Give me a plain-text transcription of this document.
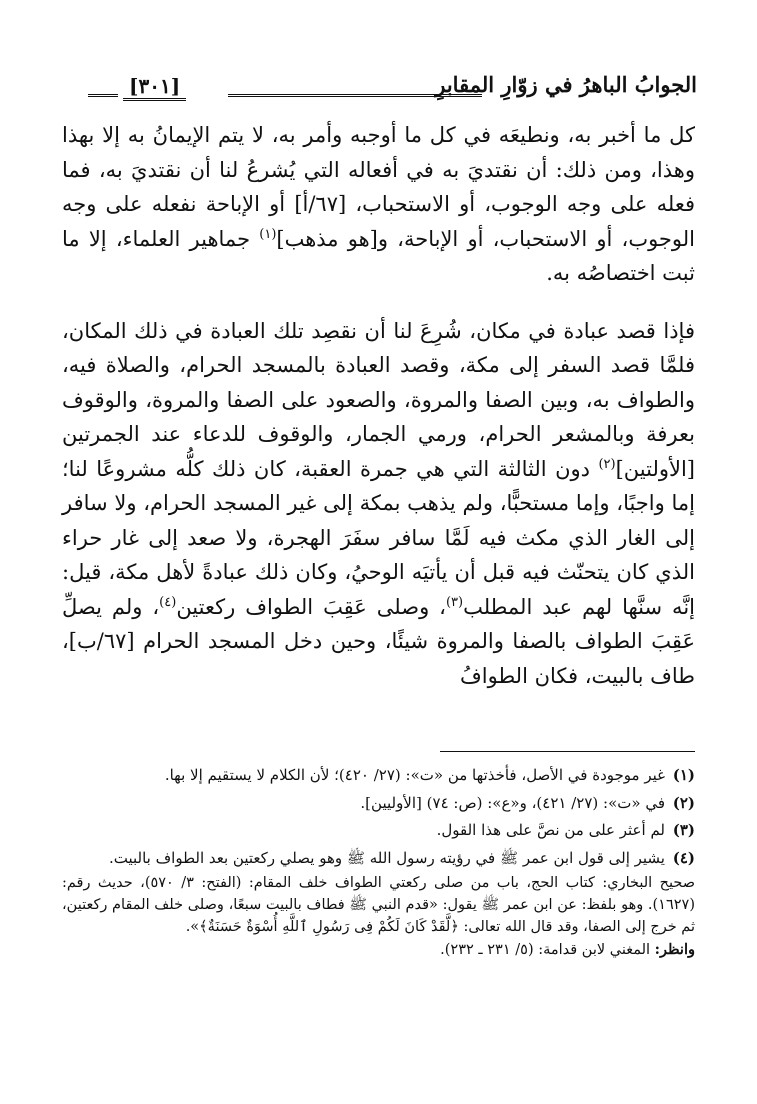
الجوابُ الباهرُ في زوّارِ المقابرِ
[٣٠١]

كل ما أخبر به، ونطيعَه في كل ما أوجبه وأمر به، لا يتم الإيمانُ به إلا بهذا وهذا، ومن ذلك: أن نقتديَ به في أفعاله التي يُشرعُ لنا أن نقتديَ به، فما فعله على وجه الوجوب، أو الاستحباب، [٦٧/أ] أو الإباحة نفعله على وجه الوجوب، أو الاستحباب، أو الإباحة، و[هو مذهب]$^{(١)}$ جماهير العلماء، إلا ما ثبت اختصاصُه به.

فإذا قصد عبادة في مكان، شُرِعَ لنا أن نقصِد تلك العبادة في ذلك المكان، فلمَّا قصد السفر إلى مكة، وقصد العبادة بالمسجد الحرام، والصلاة فيه، والطواف به، وبين الصفا والمروة، والصعود على الصفا والمروة، والوقوف بعرفة وبالمشعر الحرام، ورمي الجمار، والوقوف للدعاء عند الجمرتين [الأولتين]$^{(٢)}$ دون الثالثة التي هي جمرة العقبة، كان ذلك كلُّه مشروعًا لنا؛ إما واجبًا، وإما مستحبًّا، ولم يذهب بمكة إلى غير المسجد الحرام، ولا سافر إلى الغار الذي مكث فيه لَمَّا سافر سفَرَ الهجرة، ولا صعد إلى غار حراء الذي كان يتحنّث فيه قبل أن يأتيَه الوحيُ، وكان ذلك عبادةً لأهل مكة، قيل: إنَّه سنَّها لهم عبد المطلب$^{(٣)}$، وصلى عَقِبَ الطواف ركعتين$^{(٤)}$، ولم يصلِّ عَقِبَ الطواف بالصفا والمروة شيئًا، وحين دخل المسجد الحرام [٦٧/ب]، طاف بالبيت، فكان الطوافُ

(١)
غير موجودة في الأصل، فأخذتها من «ت»: (٢٧/ ٤٢٠)؛ لأن الكلام لا يستقيم إلا بها.
(٢)
في «ت»: (٢٧/ ٤٢١)، و«ع»: (ص: ٧٤) [الأوليين].
(٣)
لم أعثر على من نصَّ على هذا القول.
(٤)
يشير إلى قول ابن عمر ﷺ في رؤيته رسول الله ﷺ وهو يصلي ركعتين بعد الطواف بالبيت.
صحيح البخاري: كتاب الحج، باب من صلى ركعتي الطواف خلف المقام: (الفتح: ٣/ ٥٧٠)، حديث رقم: (١٦٢٧). وهو بلفظ: عن ابن عمر ﷺ يقول: «قدم النبي ﷺ فطاف بالبيت سبعًا، وصلى خلف المقام ركعتين، ثم خرج إلى الصفا، وقد قال الله تعالى: ﴿لَّقَدْ كَانَ لَكُمْ فِى رَسُولِ ٱللَّهِ أُسْوَةٌ حَسَنَةٌ﴾».
وانظر: المغني لابن قدامة: (٥/ ٢٣١ ـ ٢٣٢).
